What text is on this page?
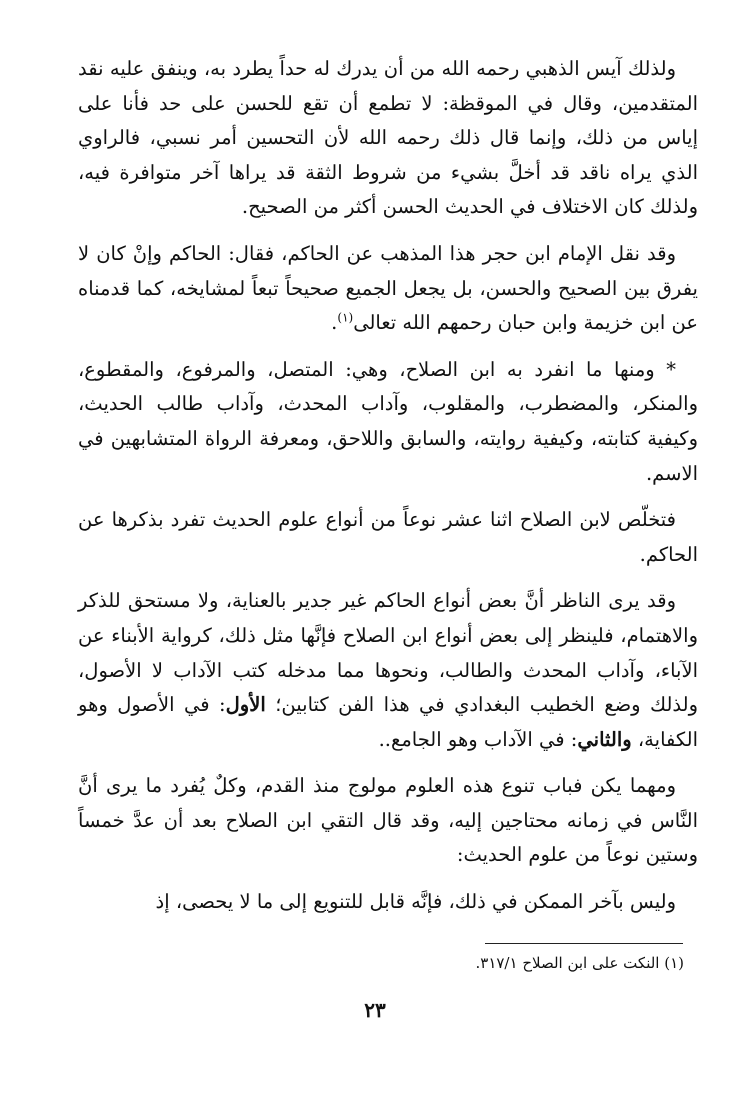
ولذلك آيس الذهبي رحمه الله من أن يدرك له حداً يطرد به، وينفق عليه نقد المتقدمين، وقال في الموقظة: لا تطمع أن تقع للحسن على حد فأنا على إياس من ذلك، وإنما قال ذلك رحمه الله لأن التحسين أمر نسبي، فالراوي الذي يراه ناقد قد أخلَّ بشيء من شروط الثقة قد يراها آخر متوافرة فيه، ولذلك كان الاختلاف في الحديث الحسن أكثر من الصحيح.

وقد نقل الإمام ابن حجر هذا المذهب عن الحاكم، فقال: الحاكم وإنْ كان لا يفرق بين الصحيح والحسن، بل يجعل الجميع صحيحاً تبعاً لمشايخه، كما قدمناه عن ابن خزيمة وابن حبان رحمهم الله تعالى$^{(١)}$.

* ومنها ما انفرد به ابن الصلاح، وهي: المتصل، والمرفوع، والمقطوع، والمنكر، والمضطرب، والمقلوب، وآداب المحدث، وآداب طالب الحديث، وكيفية كتابته، وكيفية روايته، والسابق واللاحق، ومعرفة الرواة المتشابهين في الاسم.

فتخلّص لابن الصلاح اثنا عشر نوعاً من أنواع علوم الحديث تفرد بذكرها عن الحاكم.

وقد يرى الناظر أنَّ بعض أنواع الحاكم غير جدير بالعناية، ولا مستحق للذكر والاهتمام، فلينظر إلى بعض أنواع ابن الصلاح فإنَّها مثل ذلك، كرواية الأبناء عن الآباء، وآداب المحدث والطالب، ونحوها مما مدخله كتب الآداب لا الأصول، ولذلك وضع الخطيب البغدادي في هذا الفن كتابين؛ الأول: في الأصول وهو الكفاية، والثاني: في الآداب وهو الجامع..

ومهما يكن فباب تنوع هذه العلوم مولوج منذ القدم، وكلٌ يُفرد ما يرى أنَّ النَّاس في زمانه محتاجين إليه، وقد قال التقي ابن الصلاح بعد أن عدَّ خمساً وستين نوعاً من علوم الحديث:

وليس بآخر الممكن في ذلك، فإنَّه قابل للتنويع إلى ما لا يحصى، إذ

(١) النكت على ابن الصلاح ٣١٧/١.
٢٣
